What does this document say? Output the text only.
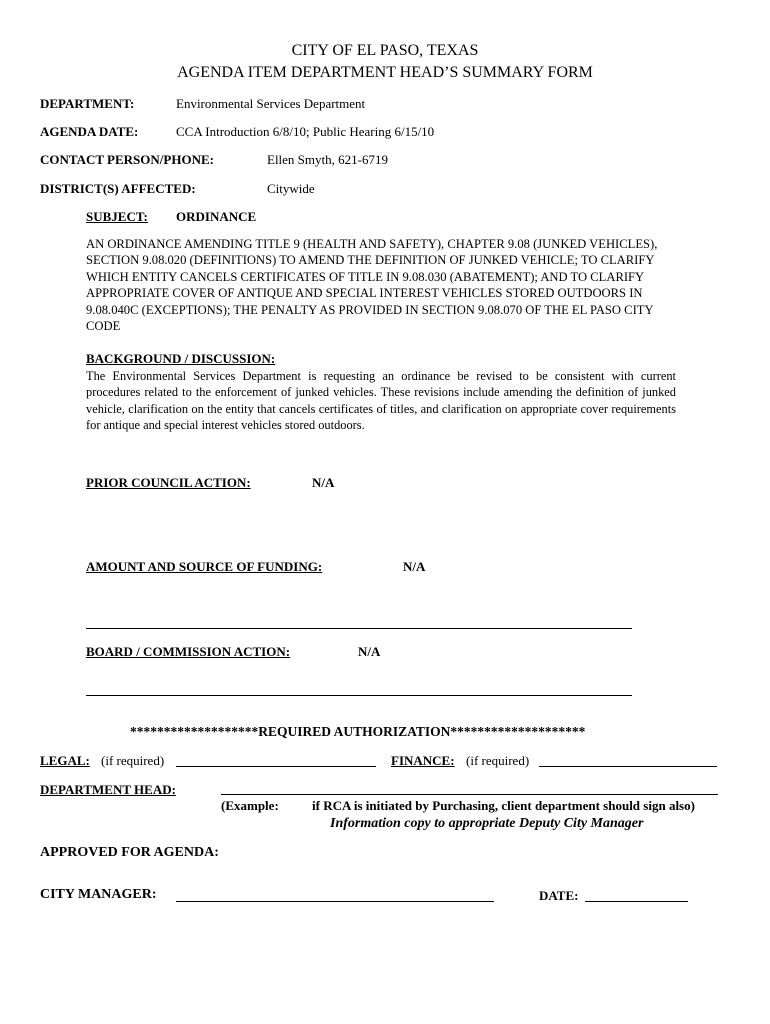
CITY OF EL PASO, TEXAS
AGENDA ITEM DEPARTMENT HEAD’S SUMMARY FORM
DEPARTMENT:	Environmental Services Department
AGENDA DATE:	CCA Introduction 6/8/10; Public Hearing 6/15/10
CONTACT PERSON/PHONE:	Ellen Smyth, 621-6719
DISTRICT(S) AFFECTED:	Citywide
SUBJECT: ORDINANCE
AN ORDINANCE AMENDING TITLE 9 (HEALTH AND SAFETY), CHAPTER 9.08 (JUNKED VEHICLES), SECTION 9.08.020 (DEFINITIONS) TO AMEND THE DEFINITION OF JUNKED VEHICLE; TO CLARIFY WHICH ENTITY CANCELS CERTIFICATES OF TITLE IN 9.08.030 (ABATEMENT); AND TO CLARIFY APPROPRIATE COVER OF ANTIQUE AND SPECIAL INTEREST VEHICLES STORED OUTDOORS IN 9.08.040C (EXCEPTIONS); THE PENALTY AS PROVIDED IN SECTION 9.08.070 OF THE EL PASO CITY CODE
BACKGROUND / DISCUSSION:
The Environmental Services Department is requesting an ordinance be revised to be consistent with current procedures related to the enforcement of junked vehicles. These revisions include amending the definition of junked vehicle, clarification on the entity that cancels certificates of titles, and clarification on appropriate cover requirements for antique and special interest vehicles stored outdoors.
PRIOR COUNCIL ACTION:	N/A
AMOUNT AND SOURCE OF FUNDING:	N/A
BOARD / COMMISSION ACTION:	N/A
*******************REQUIRED AUTHORIZATION********************
LEGAL: (if required)	FINANCE: (if required)
DEPARTMENT HEAD:
(Example:	if RCA is initiated by Purchasing, client department should sign also)
Information copy to appropriate Deputy City Manager
APPROVED FOR AGENDA:
CITY MANAGER:	DATE:
